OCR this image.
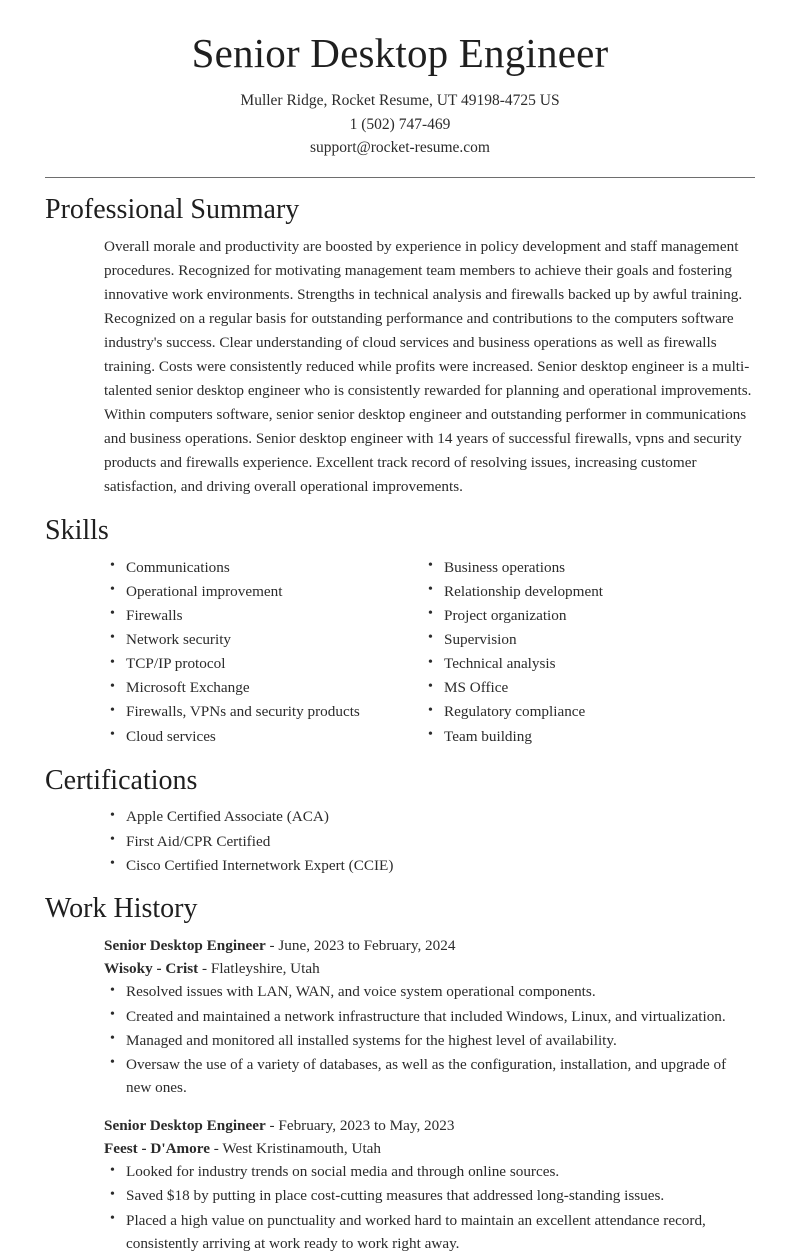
Senior Desktop Engineer

Muller Ridge, Rocket Resume, UT 49198-4725 US

1 (502) 747-469

support@rocket-resume.com

Professional Summary

Overall morale and productivity are boosted by experience in policy development and staff management procedures. Recognized for motivating management team members to achieve their goals and fostering innovative work environments. Strengths in technical analysis and firewalls backed up by awful training. Recognized on a regular basis for outstanding performance and contributions to the computers software industry's success. Clear understanding of cloud services and business operations as well as firewalls training. Costs were consistently reduced while profits were increased. Senior desktop engineer is a multi-talented senior desktop engineer who is consistently rewarded for planning and operational improvements. Within computers software, senior senior desktop engineer and outstanding performer in communications and business operations. Senior desktop engineer with 14 years of successful firewalls, vpns and security products and firewalls experience. Excellent track record of resolving issues, increasing customer satisfaction, and driving overall operational improvements.

Skills
• Communications
• Operational improvement
• Firewalls
• Network security
• TCP/IP protocol
• Microsoft Exchange
• Firewalls, VPNs and security products
• Cloud services
• Business operations
• Relationship development
• Project organization
• Supervision
• Technical analysis
• MS Office
• Regulatory compliance
• Team building
Certifications
• Apple Certified Associate (ACA)
• First Aid/CPR Certified
• Cisco Certified Internetwork Expert (CCIE)
Work History
Senior Desktop Engineer - June, 2023 to February, 2024
Wisoky - Crist - Flatleyshire, Utah
• Resolved issues with LAN, WAN, and voice system operational components.
• Created and maintained a network infrastructure that included Windows, Linux, and virtualization.
• Managed and monitored all installed systems for the highest level of availability.
• Oversaw the use of a variety of databases, as well as the configuration, installation, and upgrade of new ones.
Senior Desktop Engineer - February, 2023 to May, 2023
Feest - D'Amore - West Kristinamouth, Utah
• Looked for industry trends on social media and through online sources.
• Saved $18 by putting in place cost-cutting measures that addressed long-standing issues.
• Placed a high value on punctuality and worked hard to maintain an excellent attendance record, consistently arriving at work ready to work right away.
